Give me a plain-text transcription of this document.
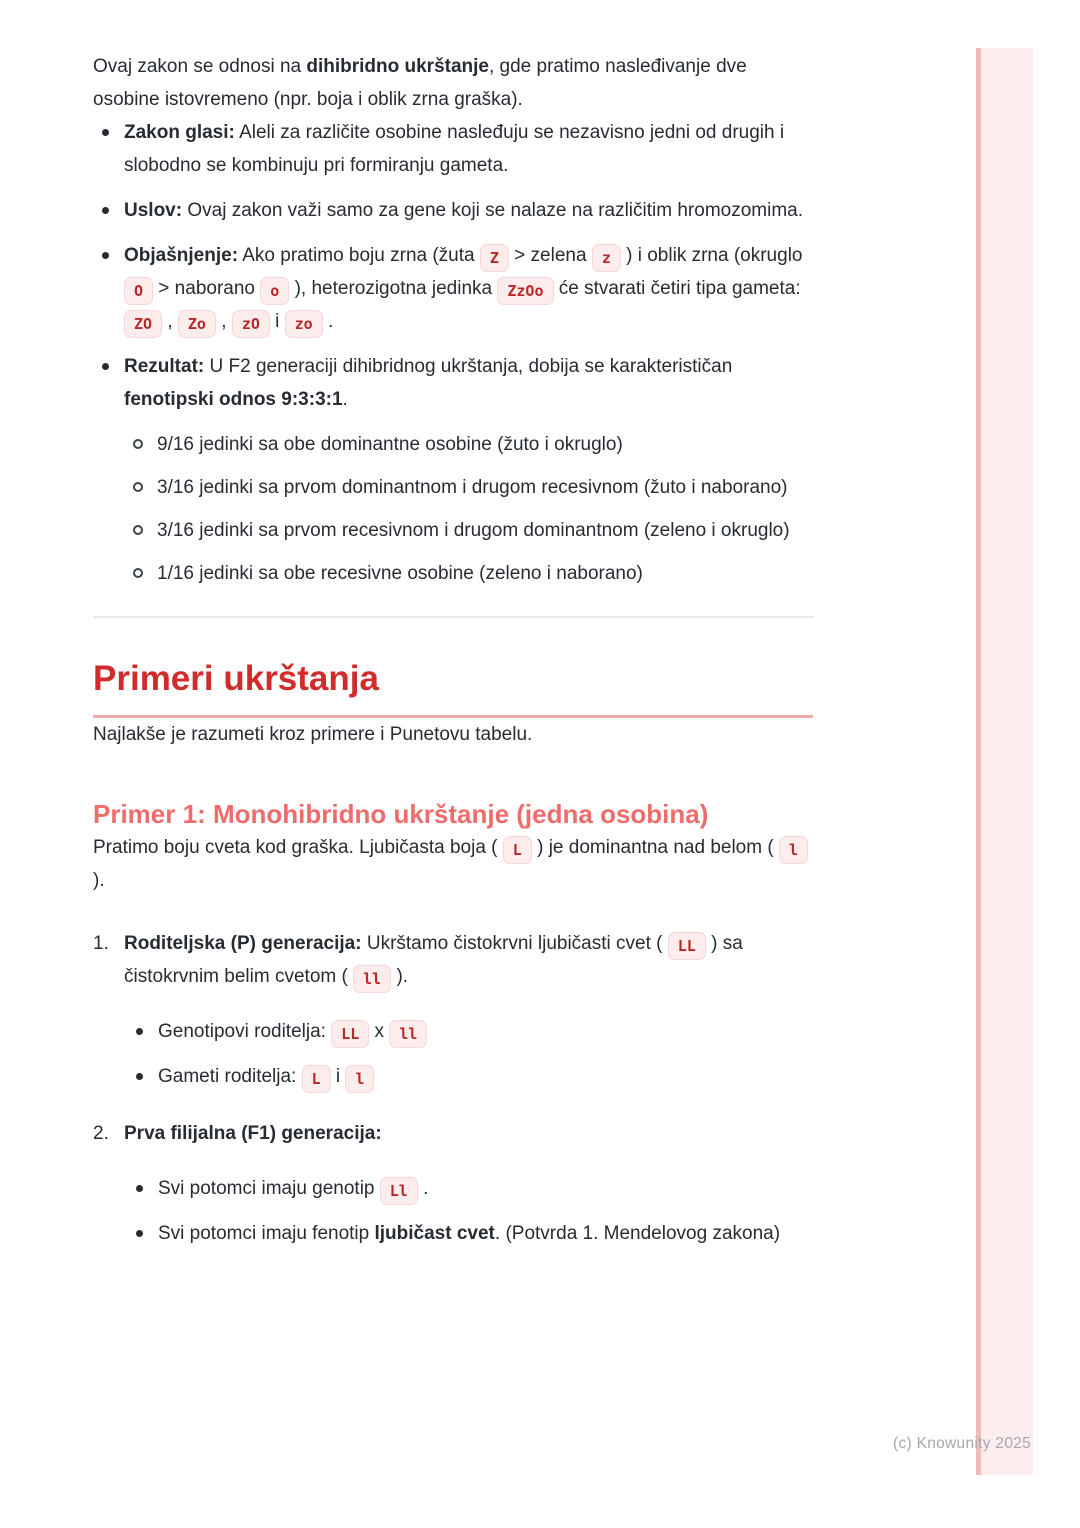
Ovaj zakon se odnosi na dihibridno ukrštanje, gde pratimo nasleđivanje dve osobine istovremeno (npr. boja i oblik zrna graška).

Zakon glasi: Aleli za različite osobine nasleđuju se nezavisno jedni od drugih i slobodno se kombinuju pri formiranju gameta.
Uslov: Ovaj zakon važi samo za gene koji se nalaze na različitim hromozomima.
Objašnjenje: Ako pratimo boju zrna (žuta Z > zelena z ) i oblik zrna (okruglo O > naborano o ), heterozigotna jedinka ZzOo će stvarati četiri tipa gameta: ZO , Zo , zO i zo .
Rezultat: U F2 generaciji dihibridnog ukrštanja, dobija se karakterističan fenotipski odnos 9:3:3:1.
9/16 jedinki sa obe dominantne osobine (žuto i okruglo)
3/16 jedinki sa prvom dominantnom i drugom recesivnom (žuto i naborano)
3/16 jedinki sa prvom recesivnom i drugom dominantnom (zeleno i okruglo)
1/16 jedinki sa obe recesivne osobine (zeleno i naborano)
Primeri ukrštanja

Najlakše je razumeti kroz primere i Punetovu tabelu.

Primer 1: Monohibridno ukrštanje (jedna osobina)

Pratimo boju cveta kod graška. Ljubičasta boja ( L ) je dominantna nad belom ( l ).

Roditeljska (P) generacija: Ukrštamo čistokrvni ljubičasti cvet ( LL ) sa čistokrvnim belim cvetom ( ll ).
Genotipovi roditelja: LL x ll
Gameti roditelja: L i l
Prva filijalna (F1) generacija:
Svi potomci imaju genotip Ll .
Svi potomci imaju fenotip ljubičast cvet. (Potvrda 1. Mendelovog zakona)
(c) Knowunity 2025
